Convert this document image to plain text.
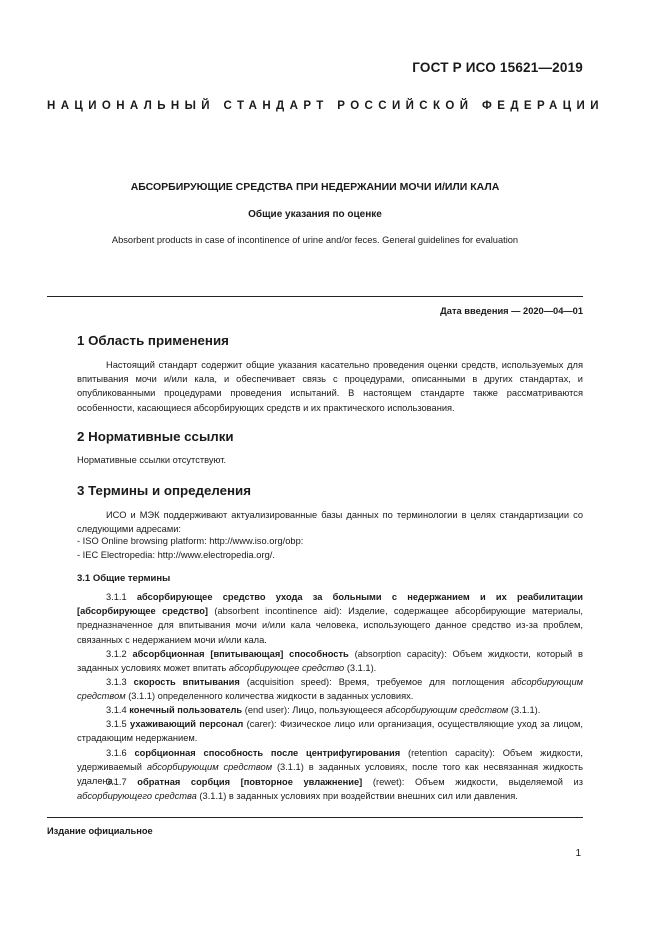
ГОСТ Р ИСО 15621—2019
НАЦИОНАЛЬНЫЙ СТАНДАРТ РОССИЙСКОЙ ФЕДЕРАЦИИ
АБСОРБИРУЮЩИЕ СРЕДСТВА ПРИ НЕДЕРЖАНИИ МОЧИ И/ИЛИ КАЛА
Общие указания по оценке
Absorbent products in case of incontinence of urine and/or feces. General guidelines for evaluation
Дата введения — 2020—04—01
1 Область применения

Настоящий стандарт содержит общие указания касательно проведения оценки средств, используемых для впитывания мочи и/или кала, и обеспечивает связь с процедурами, описанными в других стандартах, и опубликованными процедурами проведения испытаний. В настоящем стандарте также рассматриваются особенности, касающиеся абсорбирующих средств и их практического использования.

2 Нормативные ссылки
Нормативные ссылки отсутствуют.
3 Термины и определения

ИСО и МЭК поддерживают актуализированные базы данных по терминологии в целях стандартизации со следующими адресами:

- ISO Online browsing platform: http://www.iso.org/obp:
- IEC Electropedia: http://www.electropedia.org/.
3.1 Общие термины

3.1.1 абсорбирующее средство ухода за больными с недержанием и их реабилитации [абсорбирующее средство] (absorbent incontinence aid): Изделие, содержащее абсорбирующие материалы, предназначенное для впитывания мочи и/или кала человека, использующего данное средство из-за проблем, связанных с недержанием мочи и/или кала.

3.1.2 абсорбционная [впитывающая] способность (absorption capacity): Объем жидкости, который в заданных условиях может впитать абсорбирующее средство (3.1.1).

3.1.3 скорость впитывания (acquisition speed): Время, требуемое для поглощения абсорбирующим средством (3.1.1) определенного количества жидкости в заданных условиях.

3.1.4 конечный пользователь (end user): Лицо, пользующееся абсорбирующим средством (3.1.1).

3.1.5 ухаживающий персонал (carer): Физическое лицо или организация, осуществляющие уход за лицом, страдающим недержанием.

3.1.6 сорбционная способность после центрифугирования (retention capacity): Объем жидкости, удерживаемый абсорбирующим средством (3.1.1) в заданных условиях, после того как несвязанная жидкость удалена.

3.1.7 обратная сорбция [повторное увлажнение] (rewet): Объем жидкости, выделяемой из абсорбирующего средства (3.1.1) в заданных условиях при воздействии внешних сил или давления.

Издание официальное
1
